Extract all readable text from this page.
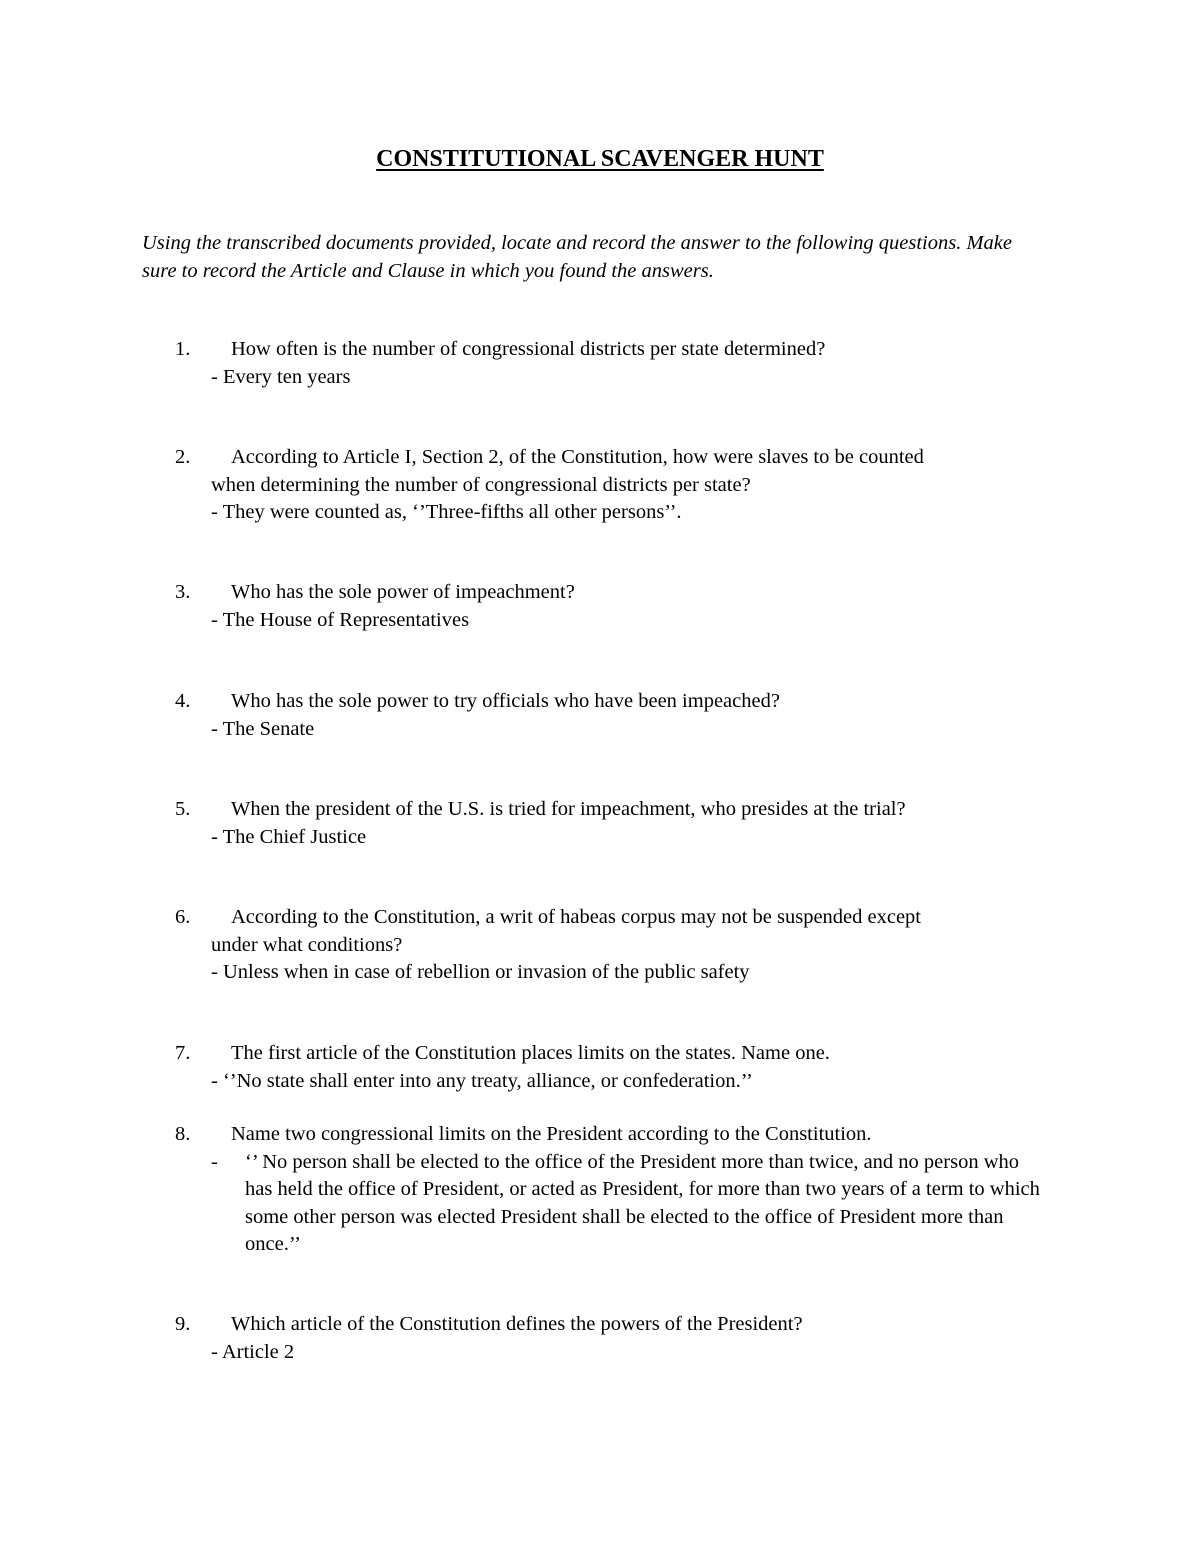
CONSTITUTIONAL SCAVENGER HUNT
Using the transcribed documents provided, locate and record the answer to the following questions. Make sure to record the Article and Clause in which you found the answers.
1. How often is the number of congressional districts per state determined?
- Every ten years
2. According to Article I, Section 2, of the Constitution, how were slaves to be counted
when determining the number of congressional districts per state?
- They were counted as, ‘’Three-fifths all other persons’’.
3. Who has the sole power of impeachment?
- The House of Representatives
4. Who has the sole power to try officials who have been impeached?
- The Senate
5. When the president of the U.S. is tried for impeachment, who presides at the trial?
- The Chief Justice
6. According to the Constitution, a writ of habeas corpus may not be suspended except
under what conditions?
- Unless when in case of rebellion or invasion of the public safety
7. The first article of the Constitution places limits on the states. Name one.
- ‘’No state shall enter into any treaty, alliance, or confederation.’’
8. Name two congressional limits on the President according to the Constitution.
-	‘’ No person shall be elected to the office of the President more than twice, and no person who has held the office of President, or acted as President, for more than two years of a term to which some other person was elected President shall be elected to the office of President more than once.’’
9. Which article of the Constitution defines the powers of the President?
- Article 2
